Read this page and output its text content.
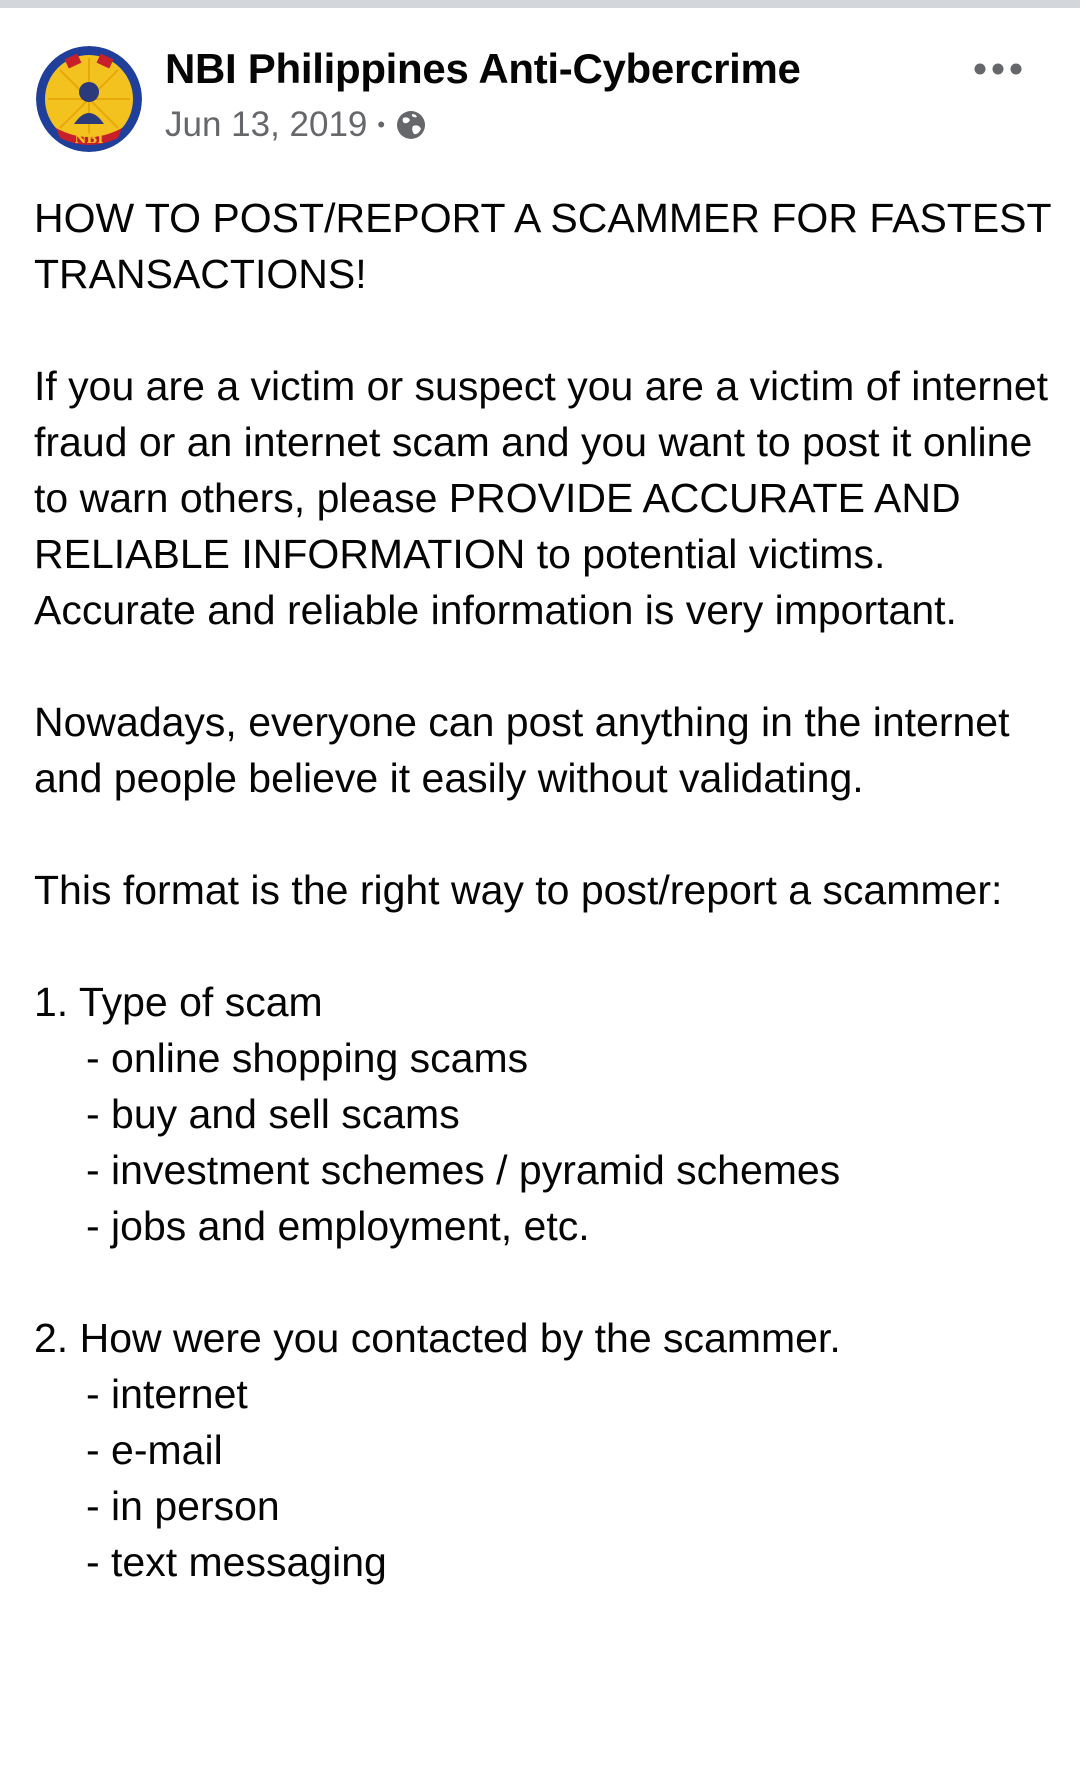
NBI
NBI Philippines Anti-Cybercrime
Jun 13, 2019 •
HOW TO POST/REPORT A SCAMMER FOR FASTEST TRANSACTIONS!
If you are a victim or suspect you are a victim of internet fraud or an internet scam and you want to post it online to warn others, please PROVIDE ACCURATE AND RELIABLE INFORMATION to potential victims. Accurate and reliable information is very important.
Nowadays, everyone can post anything in the internet and people believe it easily without validating.
This format is the right way to post/report a scammer:
1. Type of scam
- online shopping scams
- buy and sell scams
- investment schemes / pyramid schemes
- jobs and employment, etc.
2. How were you contacted by the scammer.
- internet
- e-mail
- in person
- text messaging
